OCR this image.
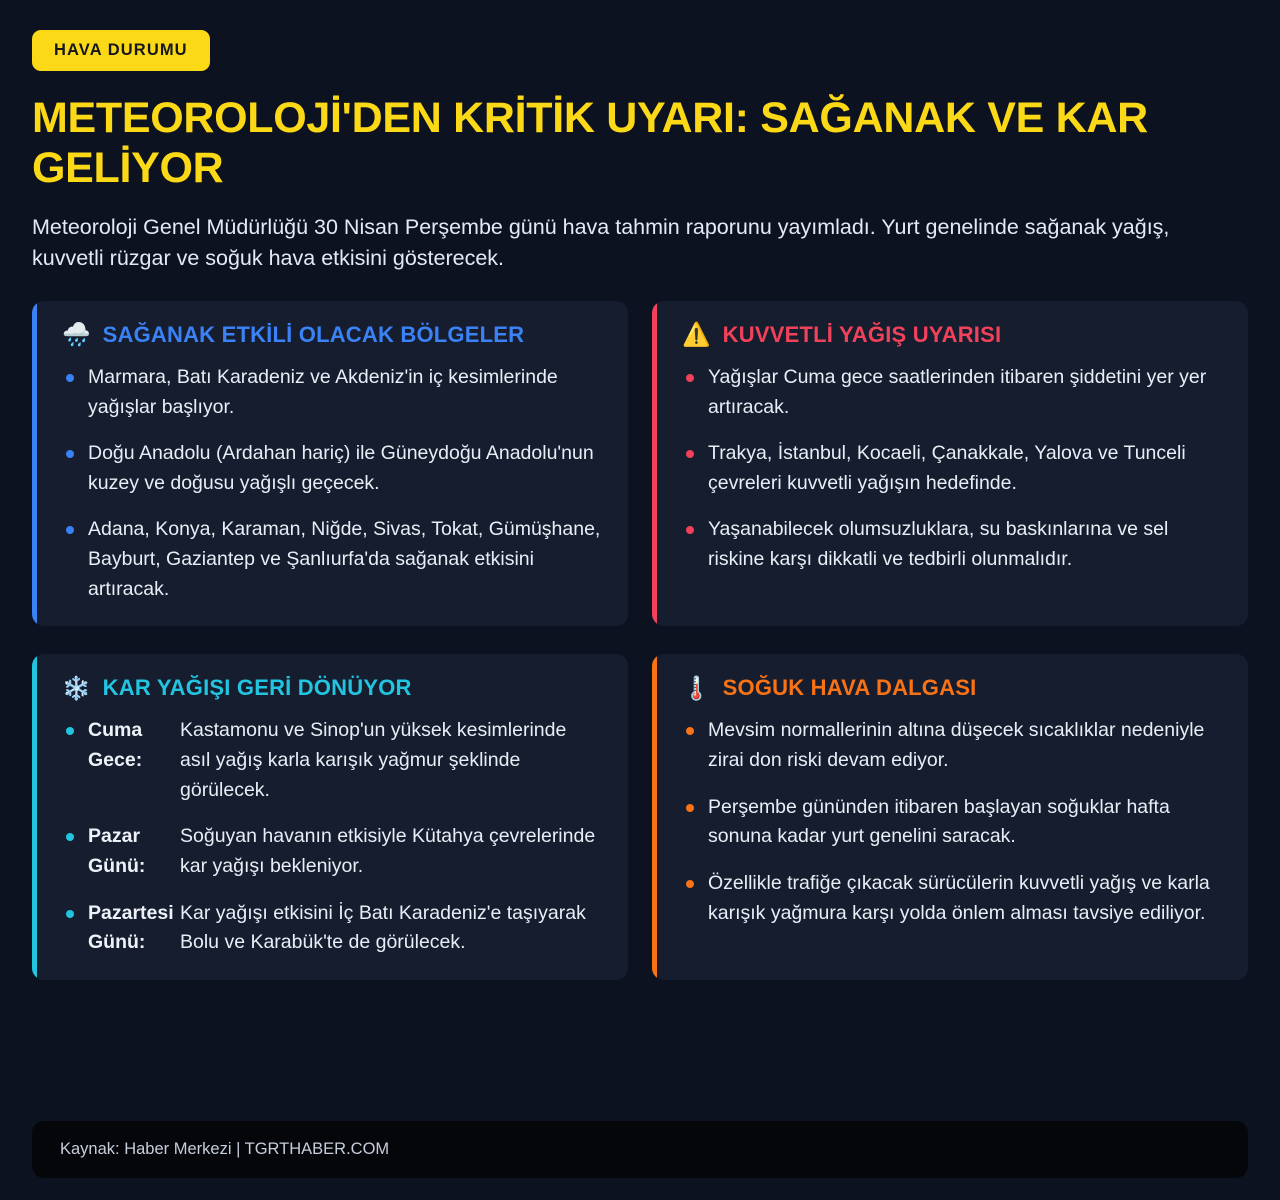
HAVA DURUMU
METEOROLOJİ'DEN KRİTİK UYARI: SAĞANAK VE KAR GELİYOR

Meteoroloji Genel Müdürlüğü 30 Nisan Perşembe günü hava tahmin raporunu yayımladı. Yurt genelinde sağanak yağış, kuvvetli rüzgar ve soğuk hava etkisini gösterecek.

🌧️ SAĞANAK ETKİLİ OLACAK BÖLGELER
Marmara, Batı Karadeniz ve Akdeniz'in iç kesimlerinde yağışlar başlıyor.
Doğu Anadolu (Ardahan hariç) ile Güneydoğu Anadolu'nun kuzey ve doğusu yağışlı geçecek.
Adana, Konya, Karaman, Niğde, Sivas, Tokat, Gümüşhane, Bayburt, Gaziantep ve Şanlıurfa'da sağanak etkisini artıracak.
⚠️ KUVVETLİ YAĞIŞ UYARISI
Yağışlar Cuma gece saatlerinden itibaren şiddetini yer yer artıracak.
Trakya, İstanbul, Kocaeli, Çanakkale, Yalova ve Tunceli çevreleri kuvvetli yağışın hedefinde.
Yaşanabilecek olumsuzluklara, su baskınlarına ve sel riskine karşı dikkatli ve tedbirli olunmalıdır.
❄️ KAR YAĞIŞI GERİ DÖNÜYOR
Cuma Gece:
Kastamonu ve Sinop'un yüksek kesimlerinde asıl yağış karla karışık yağmur şeklinde görülecek.
Pazar Günü:
Soğuyan havanın etkisiyle Kütahya çevrelerinde kar yağışı bekleniyor.
Pazartesi Günü:
Kar yağışı etkisini İç Batı Karadeniz'e taşıyarak Bolu ve Karabük'te de görülecek.
🌡️ SOĞUK HAVA DALGASI
Mevsim normallerinin altına düşecek sıcaklıklar nedeniyle zirai don riski devam ediyor.
Perşembe gününden itibaren başlayan soğuklar hafta sonuna kadar yurt genelini saracak.
Özellikle trafiğe çıkacak sürücülerin kuvvetli yağış ve karla karışık yağmura karşı yolda önlem alması tavsiye ediliyor.
Kaynak: Haber Merkezi | TGRTHABER.COM
